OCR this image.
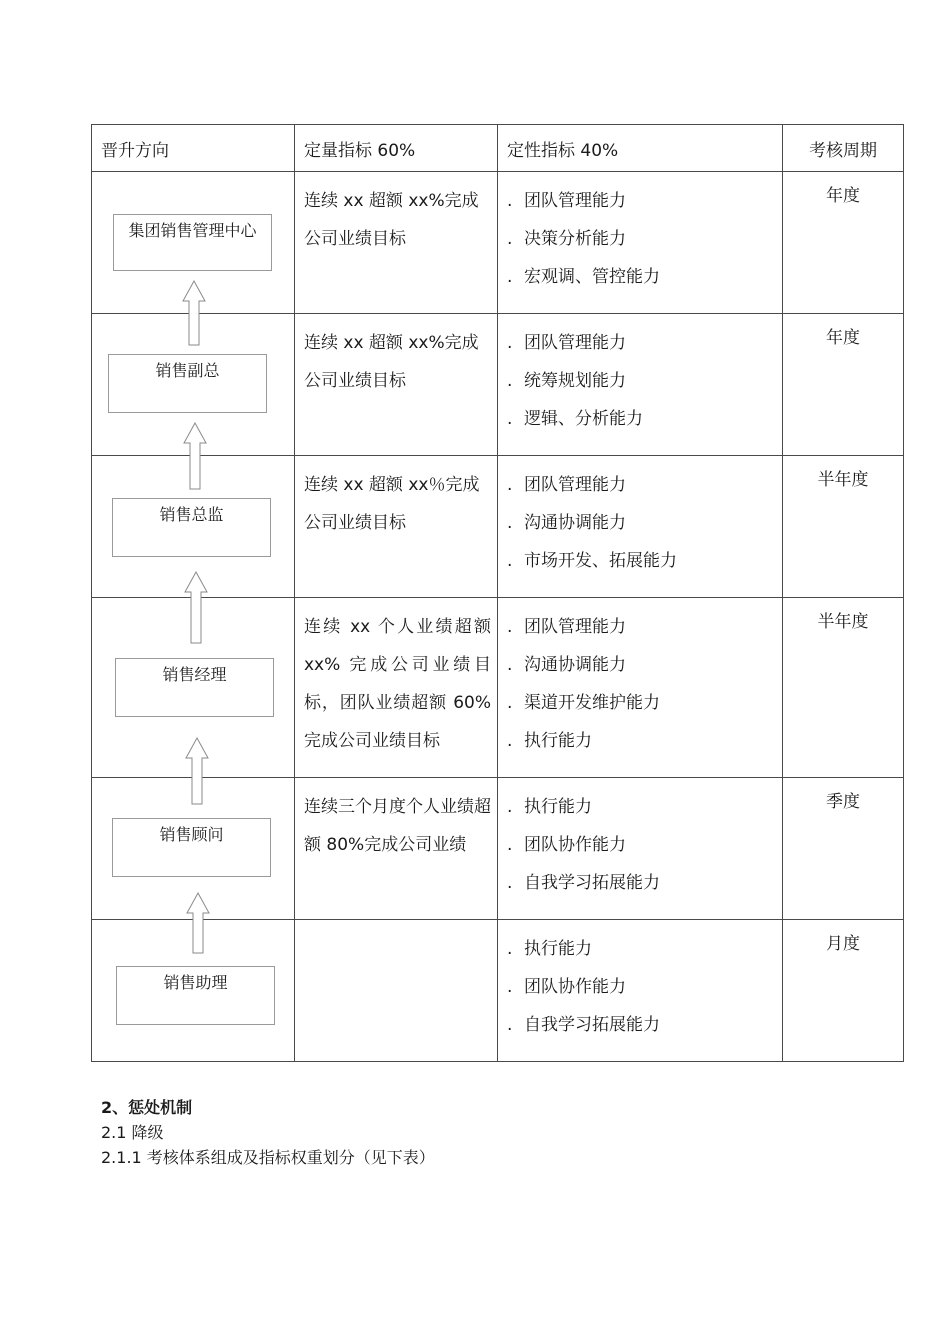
晋升方向	定量指标 60%	定性指标 40%	考核周期

集团销售管理中心	连续 xx 超额 xx%完成公司业绩目标	. 团队管理能力
. 决策分析能力
. 宏观调、管控能力	年度

销售副总	连续 xx 超额 xx%完成公司业绩目标	. 团队管理能力
. 统筹规划能力
. 逻辑、分析能力	年度

销售总监	连续 xx 超额 xx％完成公司业绩目标	. 团队管理能力
. 沟通协调能力
. 市场开发、拓展能力	半年度

销售经理	连续 xx 个人业绩超额 xx% 完成公司业绩目标，团队业绩超额 60%完成公司业绩目标	. 团队管理能力
. 沟通协调能力
. 渠道开发维护能力
. 执行能力	半年度

销售顾问	连续三个月度个人业绩超额 80%完成公司业绩	. 执行能力
. 团队协作能力
. 自我学习拓展能力	季度

销售助理		. 执行能力
. 团队协作能力
. 自我学习拓展能力	月度
2、惩处机制
2.1 降级
2.1.1 考核体系组成及指标权重划分（见下表）
